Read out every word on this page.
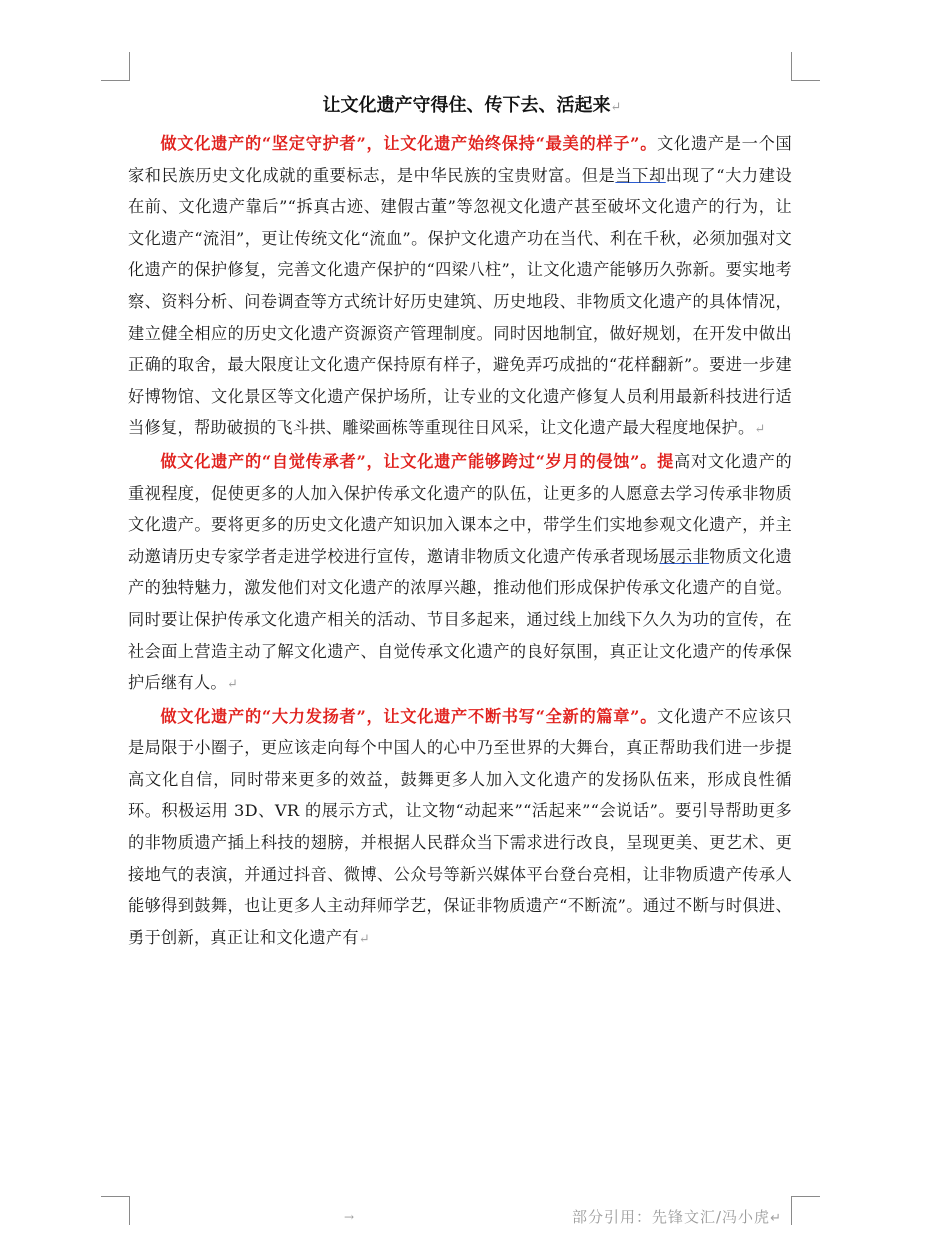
让文化遗产守得住、传下去、活起来↵

做文化遗产的“坚定守护者”，让文化遗产始终保持“最美的样子”。文化遗产是一个国家和民族历史文化成就的重要标志，是中华民族的宝贵财富。但是当下却出现了“大力建设在前、文化遗产靠后”“拆真古迹、建假古董”等忽视文化遗产甚至破坏文化遗产的行为，让文化遗产“流泪”，更让传统文化“流血”。保护文化遗产功在当代、利在千秋，必须加强对文化遗产的保护修复，完善文化遗产保护的“四梁八柱”，让文化遗产能够历久弥新。要实地考察、资料分析、问卷调查等方式统计好历史建筑、历史地段、非物质文化遗产的具体情况，建立健全相应的历史文化遗产资源资产管理制度。同时因地制宜，做好规划，在开发中做出正确的取舍，最大限度让文化遗产保持原有样子，避免弄巧成拙的“花样翻新”。要进一步建好博物馆、文化景区等文化遗产保护场所，让专业的文化遗产修复人员利用最新科技进行适当修复，帮助破损的飞斗拱、雕梁画栋等重现往日风采，让文化遗产最大程度地保护。↵

做文化遗产的“自觉传承者”，让文化遗产能够跨过“岁月的侵蚀”。提高对文化遗产的重视程度，促使更多的人加入保护传承文化遗产的队伍，让更多的人愿意去学习传承非物质文化遗产。要将更多的历史文化遗产知识加入课本之中，带学生们实地参观文化遗产，并主动邀请历史专家学者走进学校进行宣传，邀请非物质文化遗产传承者现场展示非物质文化遗产的独特魅力，激发他们对文化遗产的浓厚兴趣，推动他们形成保护传承文化遗产的自觉。同时要让保护传承文化遗产相关的活动、节目多起来，通过线上加线下久久为功的宣传，在社会面上营造主动了解文化遗产、自觉传承文化遗产的良好氛围，真正让文化遗产的传承保护后继有人。↵

做文化遗产的“大力发扬者”，让文化遗产不断书写“全新的篇章”。文化遗产不应该只是局限于小圈子，更应该走向每个中国人的心中乃至世界的大舞台，真正帮助我们进一步提高文化自信，同时带来更多的效益，鼓舞更多人加入文化遗产的发扬队伍来，形成良性循环。积极运用 3D、VR 的展示方式，让文物“动起来”“活起来”“会说话”。要引导帮助更多的非物质遗产插上科技的翅膀，并根据人民群众当下需求进行改良，呈现更美、更艺术、更接地气的表演，并通过抖音、微博、公众号等新兴媒体平台登台亮相，让非物质遗产传承人能够得到鼓舞，也让更多人主动拜师学艺，保证非物质遗产“不断流”。通过不断与时俱进、勇于创新，真正让和文化遗产有↵

→	部分引用：先锋文汇/冯小虎↵
